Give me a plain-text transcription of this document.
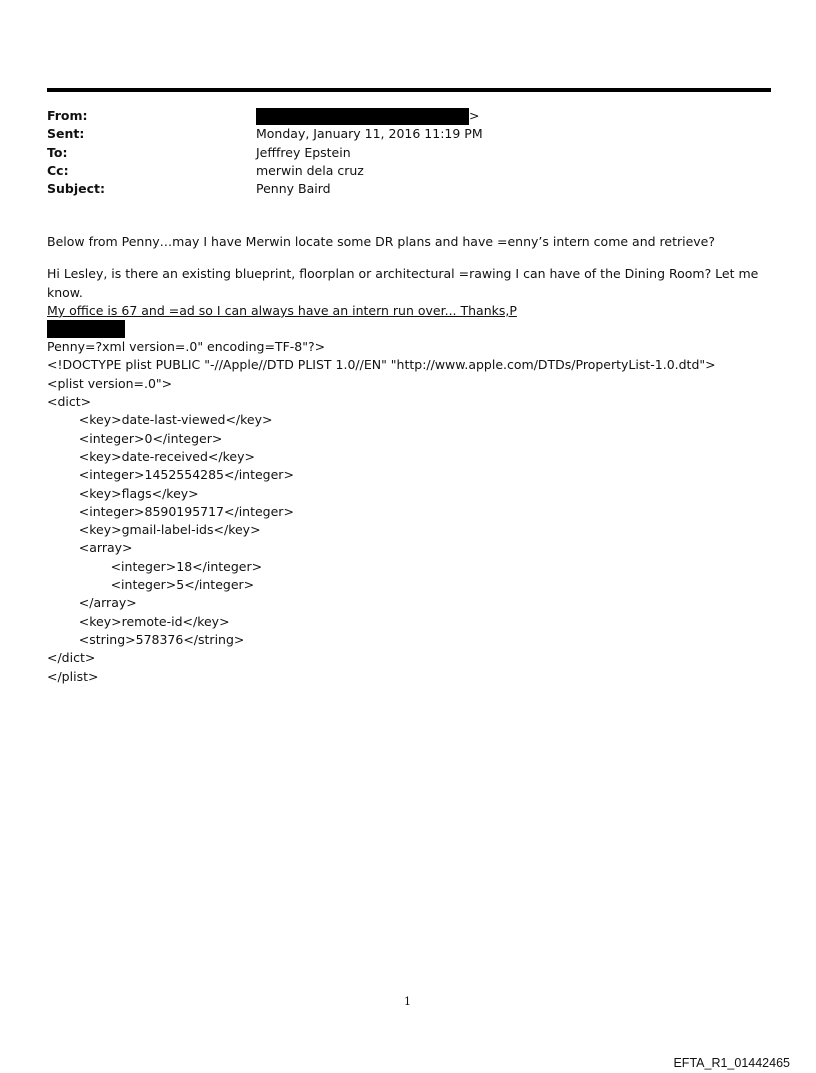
From:	>
Sent:	Monday, January 11, 2016 11:19 PM
To:	Jefffrey Epstein
Cc:	merwin dela cruz
Subject:	Penny Baird

Below from Penny…may I have Merwin locate some DR plans and have =enny’s intern come and retrieve?

Hi Lesley, is there an existing blueprint, floorplan or architectural =rawing I can have of the Dining Room? Let me know.

My office is 67 and =ad so I can always have an intern run over... Thanks,P

Penny=?xml version=.0" encoding=TF-8"?>

<!DOCTYPE plist PUBLIC "-//Apple//DTD PLIST 1.0//EN" "http://www.apple.com/DTDs/PropertyList-1.0.dtd">

<plist version=.0">

<dict>

<key>date-last-viewed</key>

<integer>0</integer>

<key>date-received</key>

<integer>1452554285</integer>

<key>flags</key>

<integer>8590195717</integer>

<key>gmail-label-ids</key>

<array>

<integer>18</integer>

<integer>5</integer>

</array>

<key>remote-id</key>

<string>578376</string>

</dict>

</plist>

1
EFTA_R1_01442465
